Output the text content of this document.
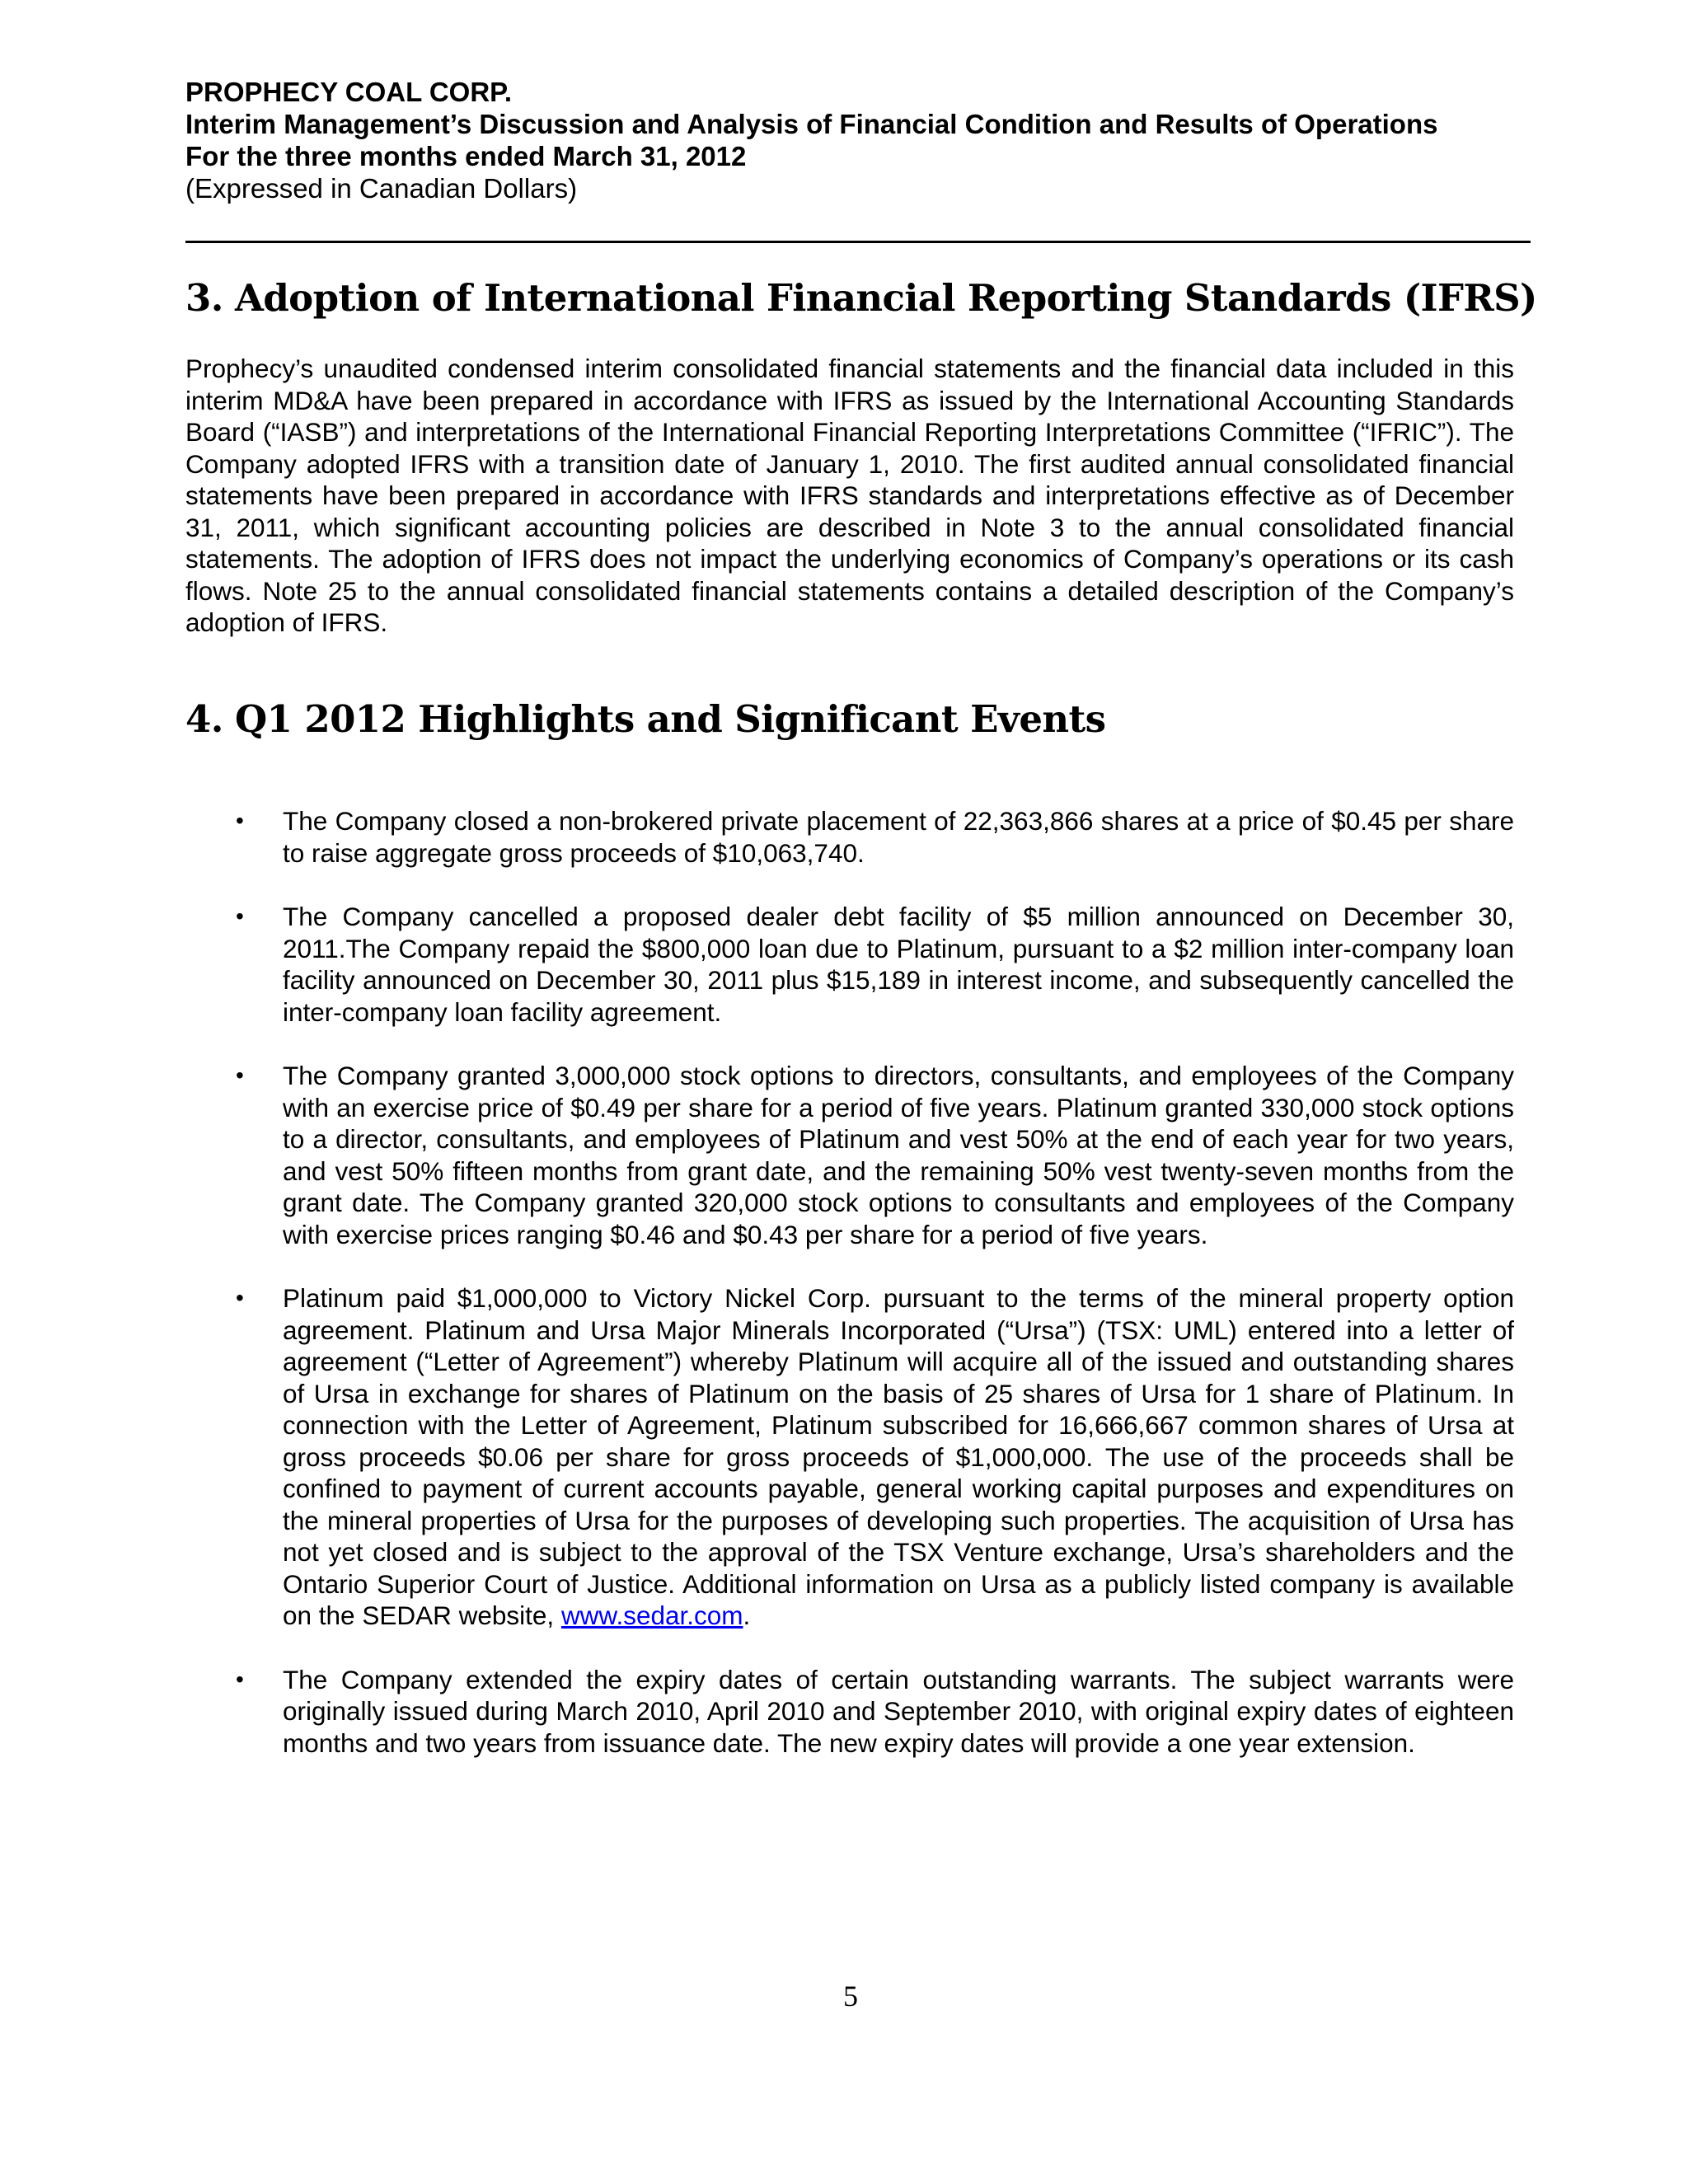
PROPHECY COAL CORP.
Interim Management’s Discussion and Analysis of Financial Condition and Results of Operations
For the three months ended March 31, 2012
(Expressed in Canadian Dollars)
3. Adoption of International Financial Reporting Standards (IFRS)
Prophecy’s unaudited condensed interim consolidated financial statements and the financial data included in this interim MD&A have been prepared in accordance with IFRS as issued by the International Accounting Standards Board (“IASB”) and interpretations of the International Financial Reporting Interpretations Committee (“IFRIC”). The Company adopted IFRS with a transition date of January 1, 2010. The first audited annual consolidated financial statements have been prepared in accordance with IFRS standards and interpretations effective as of December 31, 2011, which significant accounting policies are described in Note 3 to the annual consolidated financial statements. The adoption of IFRS does not impact the underlying economics of Company’s operations or its cash flows. Note 25 to the annual consolidated financial statements contains a detailed description of the Company’s adoption of IFRS.
4. Q1 2012 Highlights and Significant Events
• The Company closed a non-brokered private placement of 22,363,866 shares at a price of $0.45 per share to raise aggregate gross proceeds of $10,063,740.
• The Company cancelled a proposed dealer debt facility of $5 million announced on December 30, 2011.The Company repaid the $800,000 loan due to Platinum, pursuant to a $2 million inter-company loan facility announced on December 30, 2011 plus $15,189 in interest income, and subsequently cancelled the inter-company loan facility agreement.
• The Company granted 3,000,000 stock options to directors, consultants, and employees of the Company with an exercise price of $0.49 per share for a period of five years. Platinum granted 330,000 stock options to a director, consultants, and employees of Platinum and vest 50% at the end of each year for two years, and vest 50% fifteen months from grant date, and the remaining 50% vest twenty-seven months from the grant date. The Company granted 320,000 stock options to consultants and employees of the Company with exercise prices ranging $0.46 and $0.43 per share for a period of five years.
• Platinum paid $1,000,000 to Victory Nickel Corp. pursuant to the terms of the mineral property option agreement. Platinum and Ursa Major Minerals Incorporated (“Ursa”) (TSX: UML) entered into a letter of agreement (“Letter of Agreement”) whereby Platinum will acquire all of the issued and outstanding shares of Ursa in exchange for shares of Platinum on the basis of 25 shares of Ursa for 1 share of Platinum. In connection with the Letter of Agreement, Platinum subscribed for 16,666,667 common shares of Ursa at gross proceeds $0.06 per share for gross proceeds of $1,000,000. The use of the proceeds shall be confined to payment of current accounts payable, general working capital purposes and expenditures on the mineral properties of Ursa for the purposes of developing such properties. The acquisition of Ursa has not yet closed and is subject to the approval of the TSX Venture exchange, Ursa’s shareholders and the Ontario Superior Court of Justice. Additional information on Ursa as a publicly listed company is available on the SEDAR website, www.sedar.com.
• The Company extended the expiry dates of certain outstanding warrants. The subject warrants were originally issued during March 2010, April 2010 and September 2010, with original expiry dates of eighteen months and two years from issuance date. The new expiry dates will provide a one year extension.
5
